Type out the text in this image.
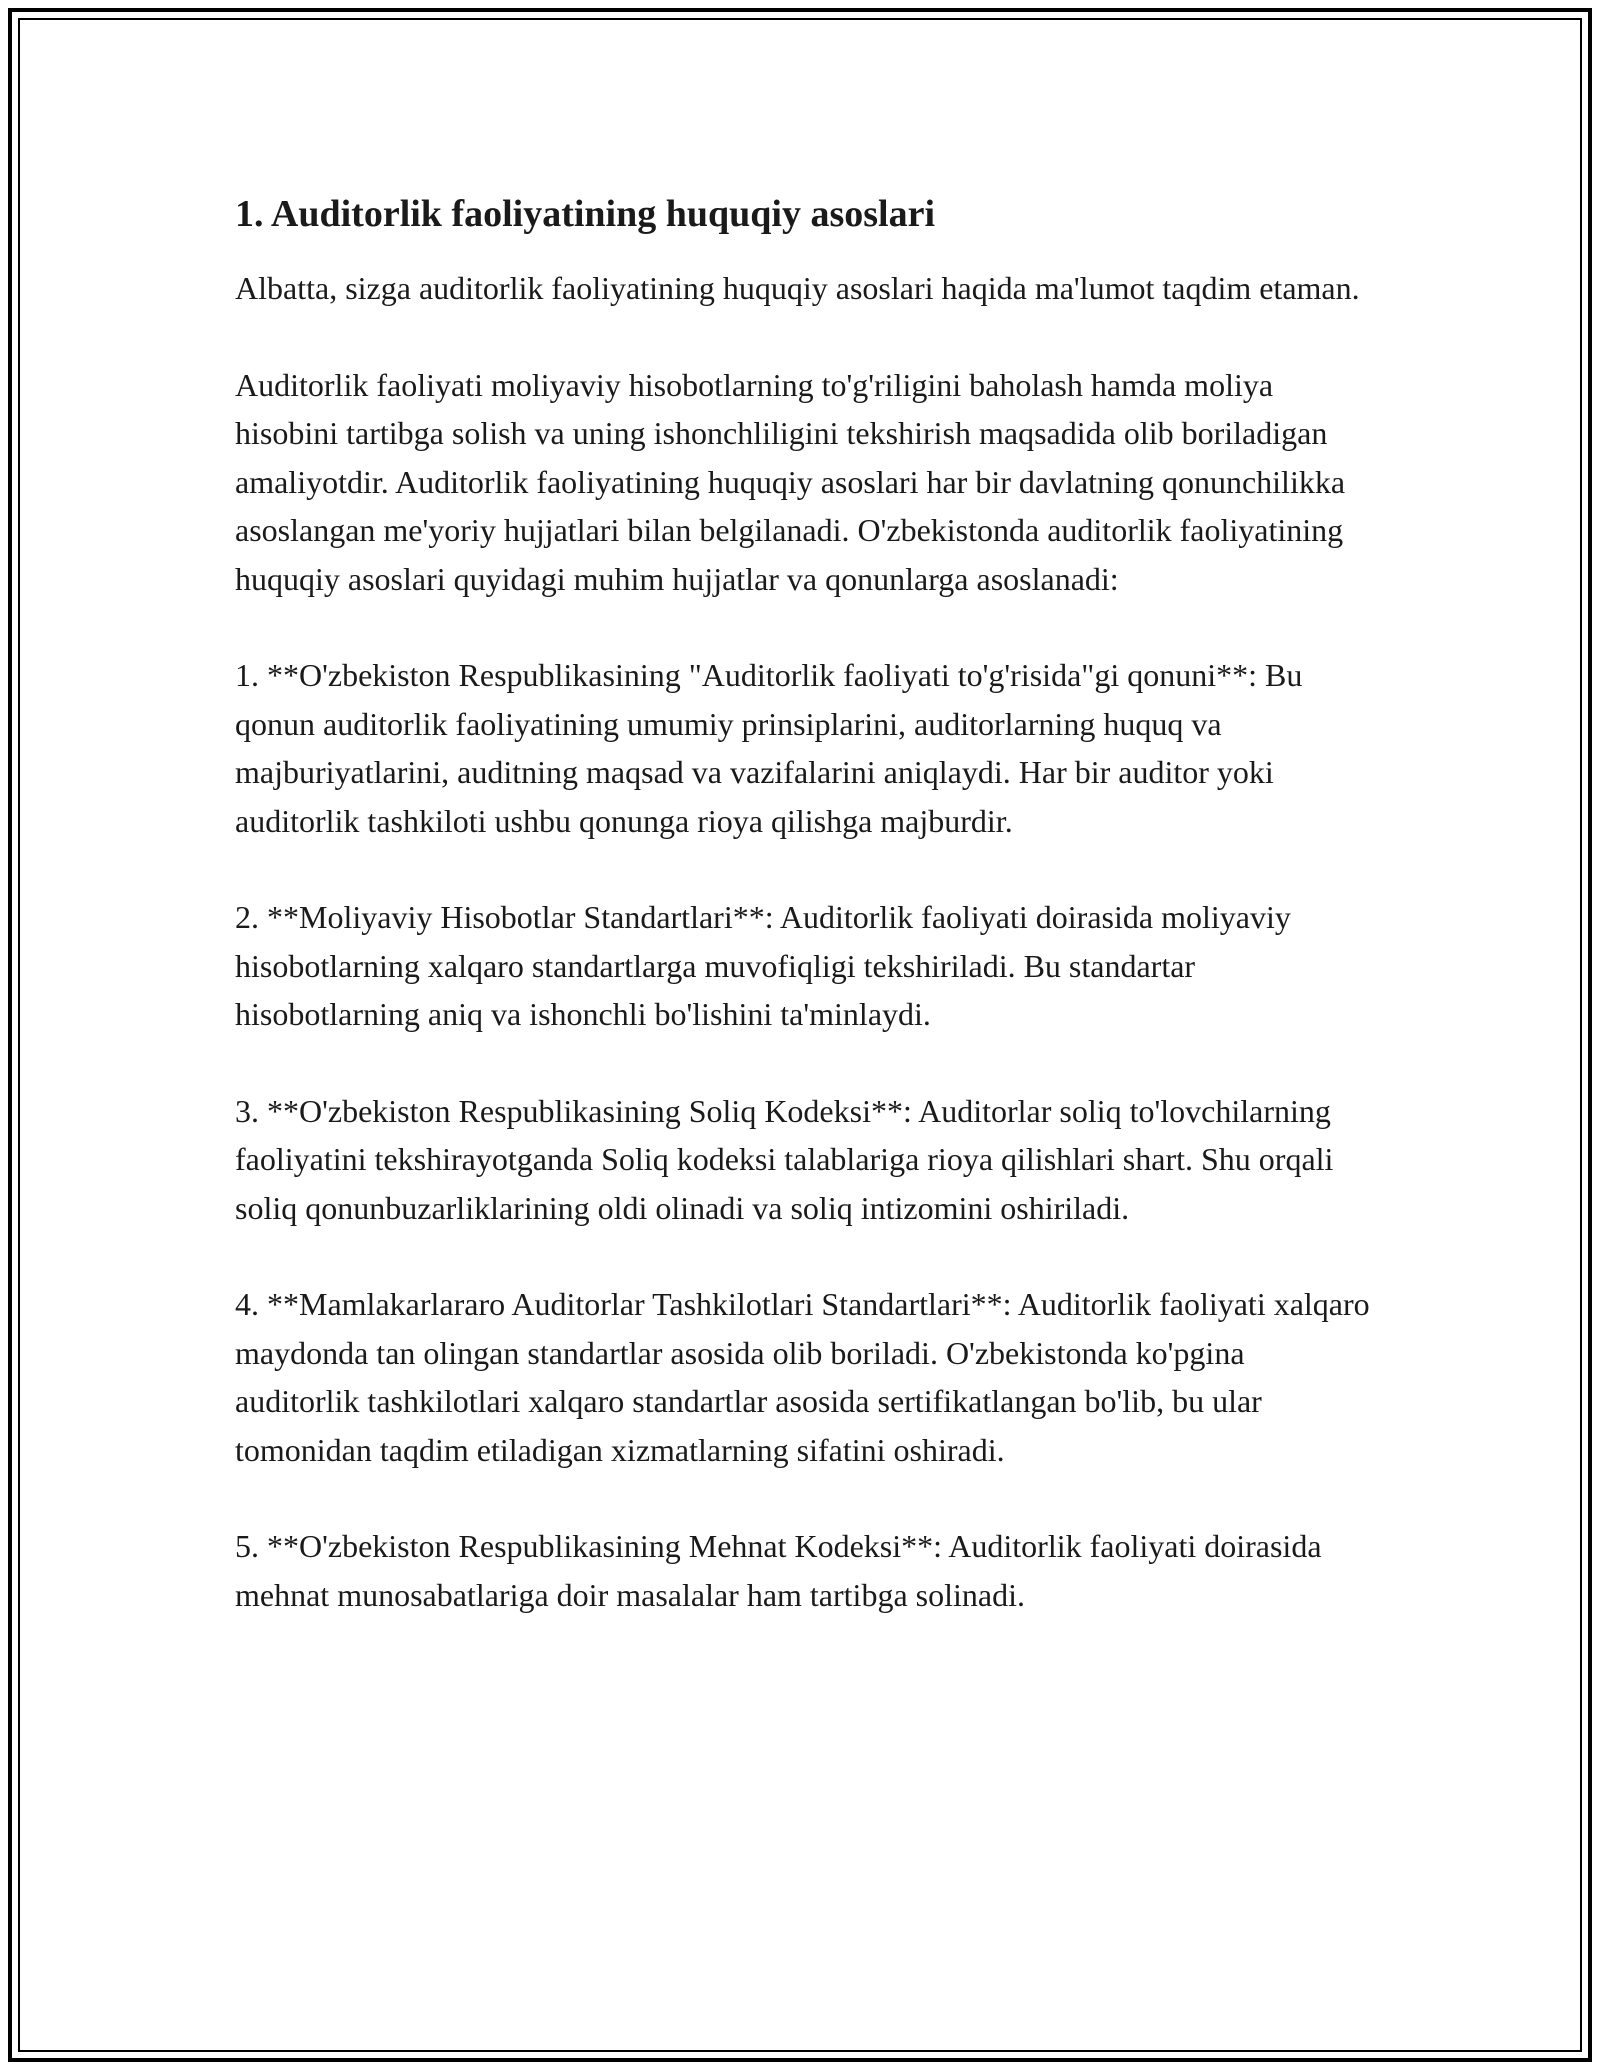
1. Auditorlik faoliyatining huquqiy asoslari

Albatta, sizga auditorlik faoliyatining huquqiy asoslari haqida ma'lumot taqdim etaman.

Auditorlik faoliyati moliyaviy hisobotlarning to'g'riligini baholash hamda moliya hisobini tartibga solish va uning ishonchliligini tekshirish maqsadida olib boriladigan amaliyotdir. Auditorlik faoliyatining huquqiy asoslari har bir davlatning qonunchilikka asoslangan me'yoriy hujjatlari bilan belgilanadi. O'zbekistonda auditorlik faoliyatining huquqiy asoslari quyidagi muhim hujjatlar va qonunlarga asoslanadi:

1. **O'zbekiston Respublikasining "Auditorlik faoliyati to'g'risida"gi qonuni**: Bu qonun auditorlik faoliyatining umumiy prinsiplarini, auditorlarning huquq va majburiyatlarini, auditning maqsad va vazifalarini aniqlaydi. Har bir auditor yoki auditorlik tashkiloti ushbu qonunga rioya qilishga majburdir.

2. **Moliyaviy Hisobotlar Standartlari**: Auditorlik faoliyati doirasida moliyaviy hisobotlarning xalqaro standartlarga muvofiqligi tekshiriladi. Bu standartar hisobotlarning aniq va ishonchli bo'lishini ta'minlaydi.

3. **O'zbekiston Respublikasining Soliq Kodeksi**: Auditorlar soliq to'lovchilarning faoliyatini tekshirayotganda Soliq kodeksi talablariga rioya qilishlari shart. Shu orqali soliq qonunbuzarliklarining oldi olinadi va soliq intizomini oshiriladi.

4. **Mamlakarlararo Auditorlar Tashkilotlari Standartlari**: Auditorlik faoliyati xalqaro maydonda tan olingan standartlar asosida olib boriladi. O'zbekistonda ko'pgina auditorlik tashkilotlari xalqaro standartlar asosida sertifikatlangan bo'lib, bu ular tomonidan taqdim etiladigan xizmatlarning sifatini oshiradi.

5. **O'zbekiston Respublikasining Mehnat Kodeksi**: Auditorlik faoliyati doirasida mehnat munosabatlariga doir masalalar ham tartibga solinadi.
